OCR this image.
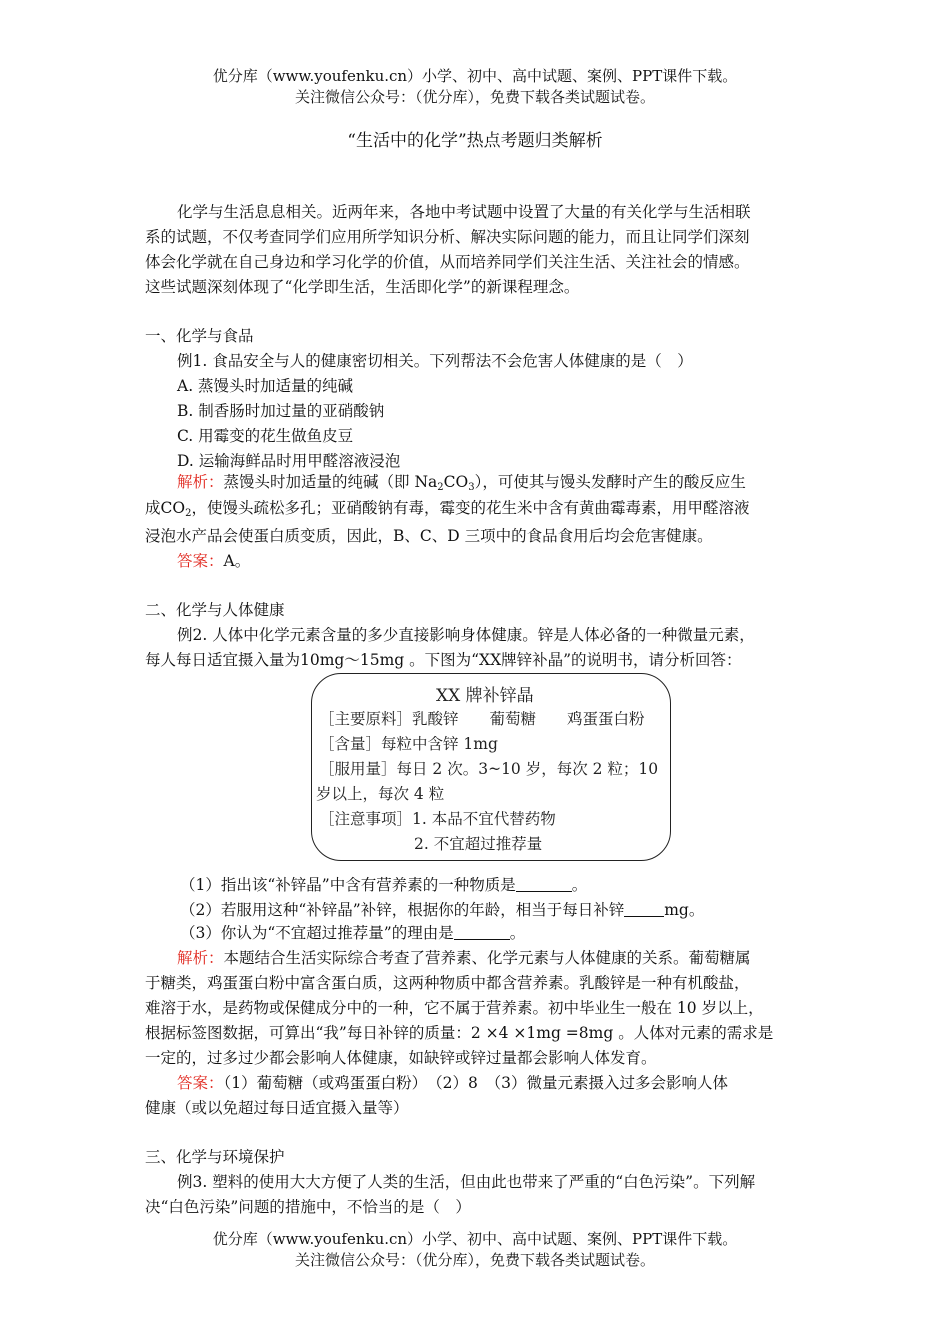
优分库（www.youfenku.cn）小学、初中、高中试题、案例、PPT课件下载。
关注微信公众号：（优分库），免费下载各类试题试卷。
“生活中的化学”热点考题归类解析
化学与生活息息相关。近两年来，各地中考试题中设置了大量的有关化学与生活相联
系的试题，不仅考查同学们应用所学知识分析、解决实际问题的能力，而且让同学们深刻
体会化学就在自己身边和学习化学的价值，从而培养同学们关注生活、关注社会的情感。
这些试题深刻体现了“化学即生活，生活即化学”的新课程理念。
一、化学与食品
例1. 食品安全与人的健康密切相关。下列帮法不会危害人体健康的是（　）
A. 蒸馒头时加适量的纯碱
B. 制香肠时加过量的亚硝酸钠
C. 用霉变的花生做鱼皮豆
D. 运输海鲜品时用甲醛溶液浸泡
解析：蒸馒头时加适量的纯碱（即 $Na_2CO_3$），可使其与馒头发酵时产生的酸反应生
成$CO_2$，使馒头疏松多孔；亚硝酸钠有毒，霉变的花生米中含有黄曲霉毒素，用甲醛溶液
浸泡水产品会使蛋白质变质，因此，B、C、D 三项中的食品食用后均会危害健康。
答案：A。
二、化学与人体健康
例2. 人体中化学元素含量的多少直接影响身体健康。锌是人体必备的一种微量元素，
每人每日适宜摄入量为10mg～15mg 。下图为“XX牌锌补晶”的说明书，请分析回答：
XX 牌补锌晶
［主要原料］乳酸锌　　葡萄糖　　鸡蛋蛋白粉
［含量］每粒中含锌 1mg
［服用量］每日 2 次。3~10 岁，每次 2 粒；10
岁以上，每次 4 粒
［注意事项］1. 本品不宜代替药物
2. 不宜超过推荐量
（1）指出该“补锌晶”中含有营养素的一种物质是	。
（2）若服用这种“补锌晶”补锌，根据你的年龄，相当于每日补锌	mg。
（3）你认为“不宜超过推荐量”的理由是	。
解析：本题结合生活实际综合考查了营养素、化学元素与人体健康的关系。葡萄糖属
于糖类，鸡蛋蛋白粉中富含蛋白质，这两种物质中都含营养素。乳酸锌是一种有机酸盐，
难溶于水，是药物或保健成分中的一种，它不属于营养素。初中毕业生一般在 10 岁以上，
根据标签图数据，可算出“我”每日补锌的质量：2 ×4 ×1mg =8mg 。人体对元素的需求是
一定的，过多过少都会影响人体健康，如缺锌或锌过量都会影响人体发育。
答案：（1）葡萄糖（或鸡蛋蛋白粉）　（2）8　（3）微量元素摄入过多会影响人体
健康（或以免超过每日适宜摄入量等）
三、化学与环境保护
例3. 塑料的使用大大方便了人类的生活，但由此也带来了严重的“白色污染”。下列解
决“白色污染”问题的措施中，不恰当的是（　）
优分库（www.youfenku.cn）小学、初中、高中试题、案例、PPT课件下载。
关注微信公众号：（优分库），免费下载各类试题试卷。
